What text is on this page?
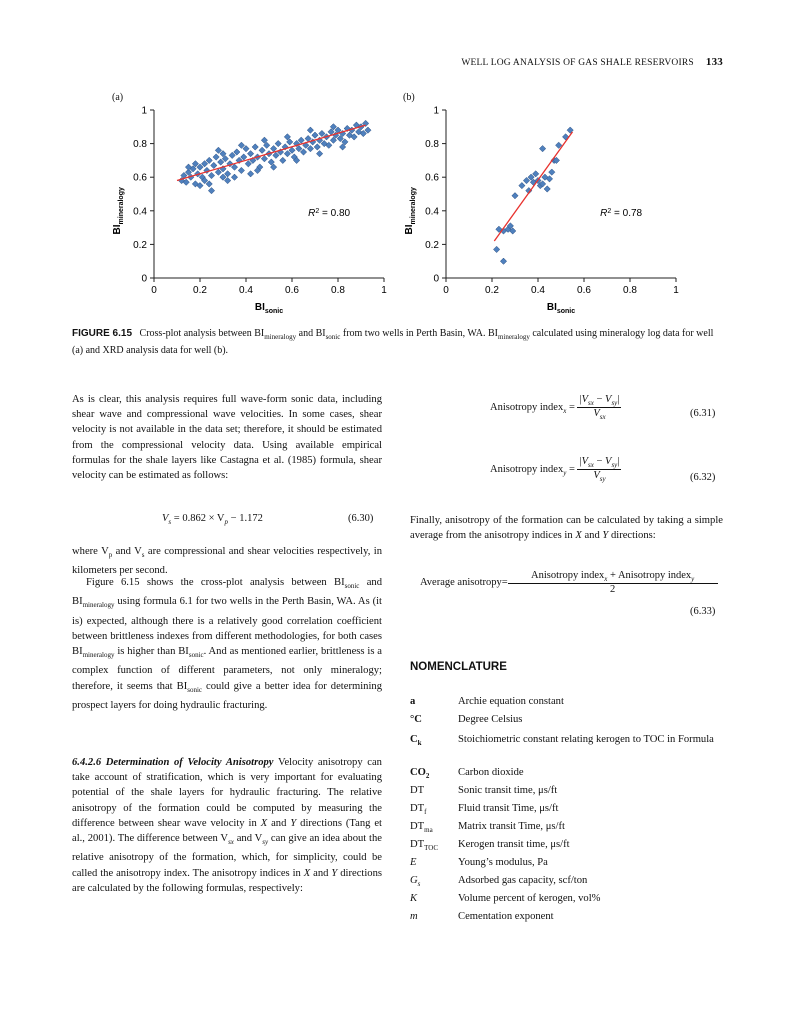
WELL LOG ANALYSIS OF GAS SHALE RESERVOIRS 133
(a)	(b)
0
0.2
0.4
0.6
0.8
1
0	0.2	0.4	0.6	0.8	1
$R^2 = 0.80$
$BI_{mineralogy}$
$BI_{sonic}$
0
0.2
0.4
0.6
0.8
1
0	0.2	0.4	0.6	0.8	1
$R^2 = 0.78$
$BI_{mineralogy}$
$BI_{sonic}$
FIGURE 6.15 Cross-plot analysis between $BI_{mineralogy}$ and $BI_{sonic}$ from two wells in Perth Basin, WA. $BI_{mineralogy}$ calculated using mineralogy log data for well (a) and XRD analysis data for well (b).
As is clear, this analysis requires full wave-form sonic data, including shear wave and compressional wave velocities. In some cases, shear velocity is not available in the data set; therefore, it should be estimated from the compressional velocity data. Using available empirical formulas for the shale layers like Castagna et al. (1985) formula, shear velocity can be estimated as follows:
$V_s = 0.862 \times V_p - 1.172$	(6.30)
where $V_p$ and $V_s$ are compressional and shear velocities respectively, in kilometers per second.
Figure 6.15 shows the cross-plot analysis between $BI_{sonic}$ and $BI_{mineralogy}$ using formula 6.1 for two wells in the Perth Basin, WA. As (it is) expected, although there is a relatively good correlation coefficient between brittleness indexes from different methodologies, for both cases $BI_{mineralogy}$ is higher than $BI_{sonic}$. And as mentioned earlier, brittleness is a complex function of different parameters, not only mineralogy; therefore, it seems that $BI_{sonic}$ could give a better idea for determining prospect layers for doing hydraulic fracturing.
6.4.2.6 Determination of Velocity Anisotropy Velocity anisotropy can take account of stratification, which is very important for evaluating potential of the shale layers for hydraulic fracturing. The relative anisotropy of the formation could be computed by measuring the difference between shear wave velocity in X and Y directions (Tang et al., 2001). The difference between $V_{sx}$ and $V_{sy}$ can give an idea about the relative anisotropy of the formation, which, for simplicity, could be called the anisotropy index. The anisotropy indices in X and Y directions are calculated by the following formulas, respectively:
Anisotropy index$_x$ = $\frac{|V_{sx} - V_{sy}|}{V_{sx}}$	(6.31)
Anisotropy index$_y$ = $\frac{|V_{sx} - V_{sy}|}{V_{sy}}$	(6.32)
Finally, anisotropy of the formation can be calculated by taking a simple average from the anisotropy indices in X and Y directions:
Average anisotropy= $\frac{Anisotropy index_x + Anisotropy index_y}{2}$
(6.33)
NOMENCLATURE
a	Archie equation constant
°C	Degree Celsius
$C_k$	Stoichiometric constant relating kerogen to TOC in Formula
$CO_2$	Carbon dioxide
DT	Sonic transit time, μs/ft
$DT_f$	Fluid transit Time, μs/ft
$DT_{ma}$	Matrix transit Time, μs/ft
$DT_{TOC}$	Kerogen transit time, μs/ft
E	Young’s modulus, Pa
$G_s$	Adsorbed gas capacity, scf/ton
K	Volume percent of kerogen, vol%
m	Cementation exponent
